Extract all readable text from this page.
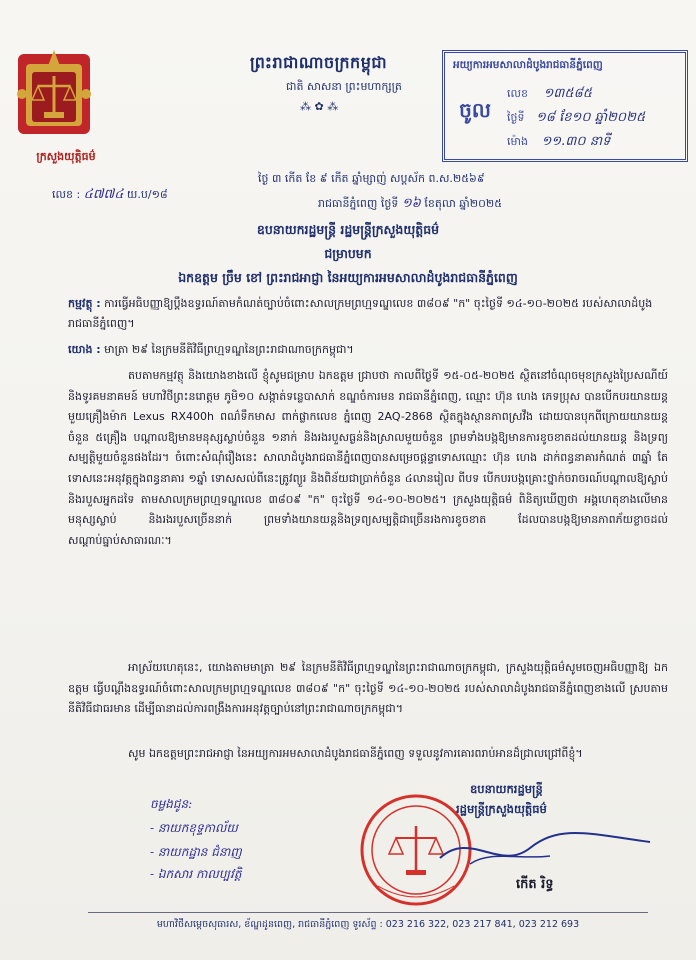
ក្រសួងយុត្តិធម៌
ព្រះរាជាណាចក្រកម្ពុជា
ជាតិ សាសនា ព្រះមហាក្សត្រ
⁂ ✿ ⁂
អយ្យការអមសាលាដំបូងរាជធានីភ្នំពេញ
ចូល
លេខ ១៣៥៨៥
ថ្ងៃទី ១៨ ខែ១០ ឆ្នាំ២០២៥
ម៉ោង ១១.៣០ នាទី
ថ្ងៃ​ ៣ ​​កើត ខែ ៩ ​កើត ឆ្នាំម្សាញ់ សប្តស័ក ព.ស.២៥៦៩
លេខ : ៤៧៧៤ យ.ប/១៨
រាជធានីភ្នំពេញ ថ្ងៃទី ១៦ ខែតុលា ឆ្នាំ២០២៥
ឧបនាយករដ្ឋមន្ត្រី រដ្ឋមន្ត្រីក្រសួងយុត្តិធម៌
ជម្រាបមក
ឯកឧត្តម ច្រឹម ខៅ ព្រះរាជអាជ្ញា នៃអយ្យការអមសាលាដំបូងរាជធានីភ្នំពេញ
កម្មវត្ថុ : ការធ្វើអធិបញ្ញាឱ្យប្តឹងឧទ្ធរណ៍តាមកំណត់ច្បាប់ចំពោះសាលក្រមព្រហ្មទណ្ឌលេខ ៣៨០៩ "ក" ចុះថ្ងៃទី ១៤-១០-២០២៥ របស់សាលាដំបូងរាជធានីភ្នំពេញ។
យោង : មាត្រា ២៩ នៃក្រមនីតិវិធីព្រហ្មទណ្ឌនៃព្រះរាជាណាចក្រកម្ពុជា។
តបតាមកម្មវត្ថុ និងយោងខាងលើ ខ្ញុំសូមជម្រាប ឯកឧត្តម ជ្រាបថា កាលពីថ្ងៃទី ១៥-០៥-២០២៥ ស្ថិតនៅចំណុចមុខក្រសួងប្រៃសណីយ៍ និងទូរគមនាគមន៍ មហាវិថីព្រះនរោត្តម ភូមិ១០ សង្កាត់ទន្លេបាសាក់ ខណ្ឌចំការមន រាជធានីភ្នំពេញ, ឈ្មោះ ហ៊ុន ហេង ភេទប្រុស បានបើកបរយានយន្តមួយគ្រឿងម៉ាក Lexus RX400h ពណ៌ទឹកមាស ពាក់ផ្លាកលេខ ភ្នំពេញ 2AQ-2868 ស្ថិតក្នុងស្ថានភាពស្រវឹង ដោយបានបុកពីក្រោយយានយន្តចំនួន ៥គ្រឿង បណ្តាលឱ្យមានមនុស្សស្លាប់ចំនួន ១នាក់ និងរងរបួសធ្ងន់និងស្រាលមួយចំនួន ព្រមទាំងបង្កឱ្យមានការខូចខាតដល់យានយន្ត និងទ្រព្យសម្បត្តិមួយចំនួនផងដែរ។ ចំពោះសំណុំរឿងនេះ សាលាដំបូងរាជធានីភ្នំពេញបានសម្រេចផ្តន្ទាទោសឈ្មោះ ហ៊ុន ហេង ដាក់ពន្ធនាគារកំណត់ ៣ឆ្នាំ តែទោសនេះអនុវត្តក្នុងពន្ធនាគារ ១ឆ្នាំ ទោសសល់ពីនេះត្រូវព្យួរ និងពិន័យជាប្រាក់ចំនួន ៤លានរៀល ពីបទ បើកបរបង្កគ្រោះថ្នាក់ចរាចរណ៍បណ្តាលឱ្យស្លាប់ និងរបួសអ្នកដទៃ តាមសាលក្រមព្រហ្មទណ្ឌលេខ ៣៨០៩ "ក" ចុះថ្ងៃទី ១៤-១០-២០២៥។ ក្រសួងយុត្តិធម៌ ពិនិត្យឃើញថា អង្គហេតុខាងលើមានមនុស្សស្លាប់ និងរងរបួសច្រើននាក់ ព្រមទាំងយានយន្តនិងទ្រព្យសម្បត្តិជាច្រើនរងការខូចខាត ដែលបានបង្កឱ្យមានភាពភ័យខ្លាចដល់សណ្តាប់ធ្នាប់សាធារណៈ។
អាស្រ័យហេតុនេះ, យោងតាមមាត្រា ២៩ នៃក្រមនីតិវិធីព្រហ្មទណ្ឌនៃព្រះរាជាណាចក្រកម្ពុជា, ក្រសួងយុត្តិធម៌សូមចេញអធិបញ្ញាឱ្យ ឯកឧត្តម ធ្វើបណ្តឹងឧទ្ធរណ៍ចំពោះសាលក្រមព្រហ្មទណ្ឌលេខ ៣៨០៩ "ក" ចុះថ្ងៃទី ១៤-១០-២០២៥ របស់សាលាដំបូងរាជធានីភ្នំពេញខាងលើ ស្របតាមនីតិវិធីជាធរមាន ដើម្បីធានាដល់ការពង្រឹងការអនុវត្តច្បាប់នៅព្រះរាជាណាចក្រកម្ពុជា។
សូម ឯកឧត្តមព្រះរាជអាជ្ញា នៃអយ្យការអមសាលាដំបូងរាជធានីភ្នំពេញ ទទួលនូវការគោរពរាប់អានដ៏ជ្រាលជ្រៅពីខ្ញុំ។
ចម្លងជូន:
- នាយកខុទ្ទកាល័យ
- នាយកដ្ឋាន ជំនាញ
- ឯកសារ កាលប្បវត្តិ
ឧបនាយករដ្ឋមន្ត្រី
រដ្ឋមន្ត្រីក្រសួងយុត្តិធម៌
កើត រិទ្ធ
មហាវិថីសម្តេចសុធារស, ខ័ណ្ឌដូនពេញ, រាជធានីភ្នំពេញ ទូរស័ព្ទ : 023 216 322, 023 217 841, 023 212 693
